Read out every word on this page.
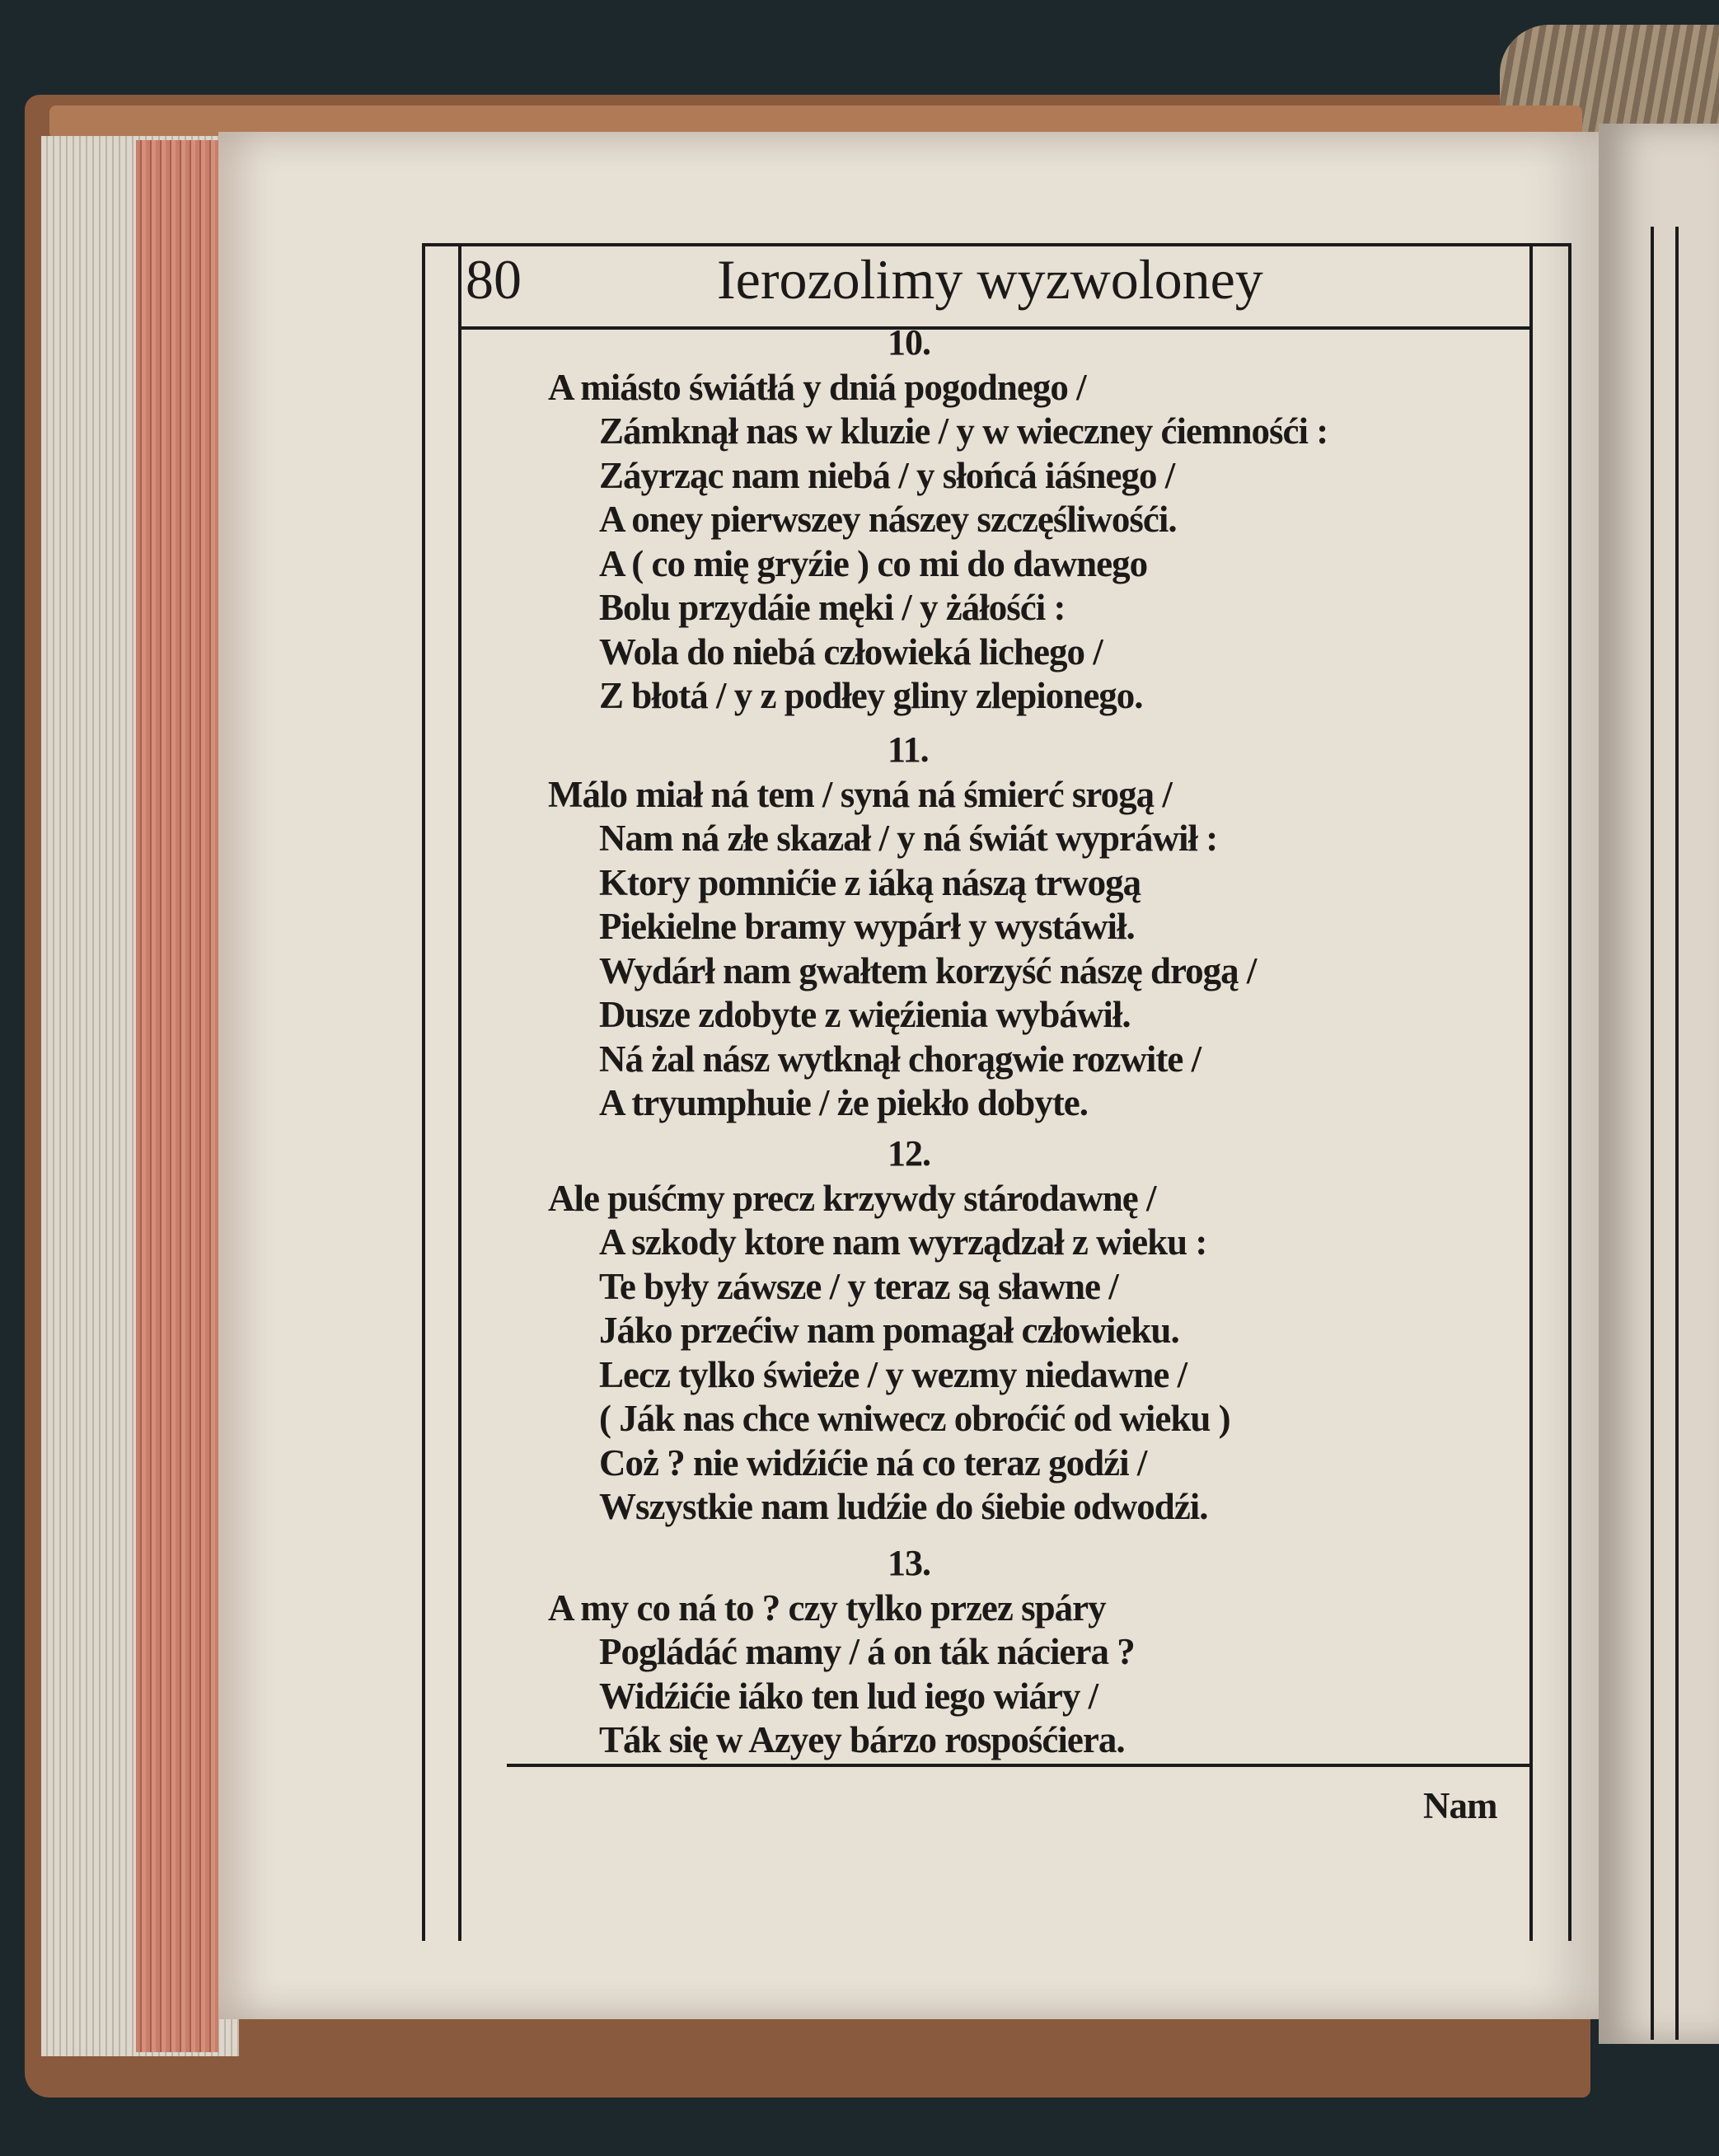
80	Ierozolimy wyzwoloney
10.
A miásto świátłá y dniá pogodnego /
Zámknął nas w kluzie / y w wieczney ćiemnośći :
Záyrząc nam niebá / y słońcá iáśnego /
A oney pierwszey nászey szczęśliwośći.
A ( co mię gryźie ) co mi do dawnego
Bolu przydáie męki / y żáłośći :
Wola do niebá człowieká lichego /
Z błotá / y z podłey gliny zlepionego.
11.
Málo miał ná tem / syná ná śmierć srogą /
Nam ná złe skazał / y ná świát wypráwił :
Ktory pomnićie z iáką nászą trwogą
Piekielne bramy wypárł y wystáwił.
Wydárł nam gwałtem korzyść nászę drogą /
Dusze zdobyte z więźienia wybáwił.
Ná żal nász wytknął chorągwie rozwite /
A tryumphuie / że piekło dobyte.
12.
Ale puśćmy precz krzywdy stárodawnę /
A szkody ktore nam wyrządzał z wieku :
Te były záwsze / y teraz są sławne /
Jáko przećiw nam pomagał człowieku.
Lecz tylko świeże / y wezmy niedawne /
( Ják nas chce wniwecz obroćić od wieku )
Coż ? nie widźićie ná co teraz godźi /
Wszystkie nam ludźie do śiebie odwodźi.
13.
A my co ná to ? czy tylko przez spáry
Pogládáć mamy / á on ták náciera ?
Widźićie iáko ten lud iego wiáry /
Ták się w Azyey bárzo rospośćiera.
Nam
